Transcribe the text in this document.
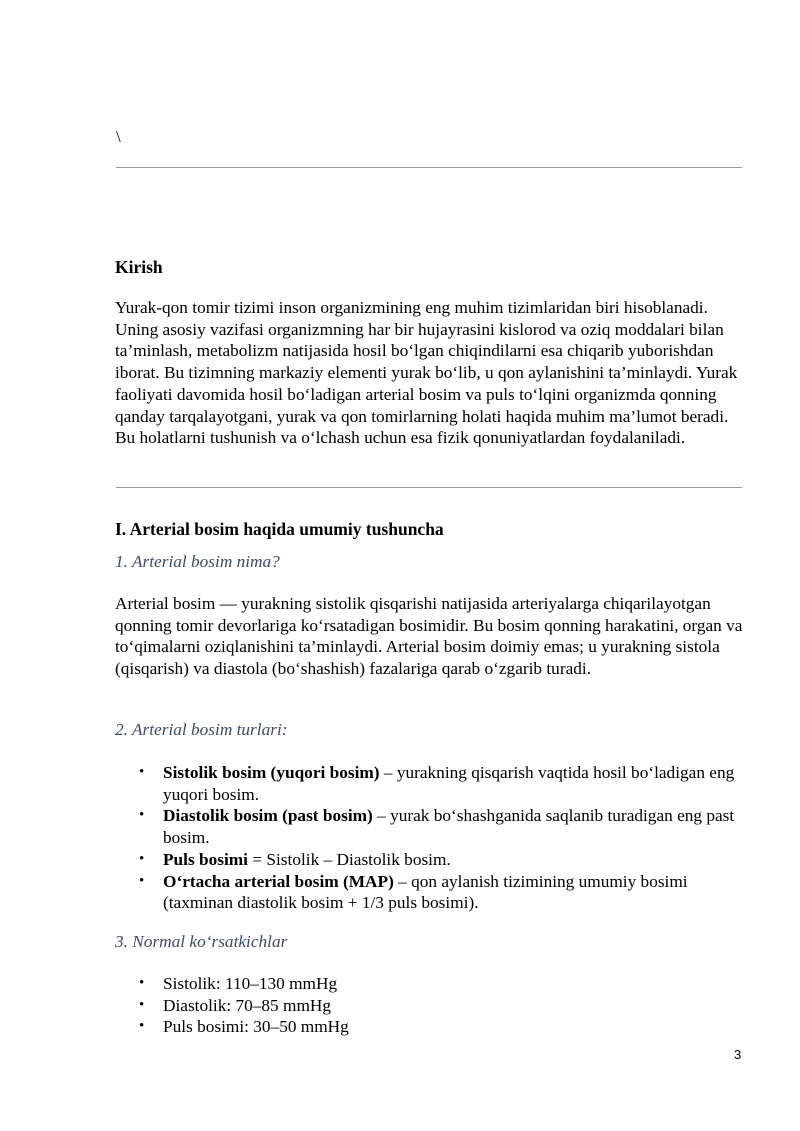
\
Kirish
Yurak-qon tomir tizimi inson organizmining eng muhim tizimlaridan biri hisoblanadi. Uning asosiy vazifasi organizmning har bir hujayrasini kislorod va oziq moddalari bilan ta’minlash, metabolizm natijasida hosil bo‘lgan chiqindilarni esa chiqarib yuborishdan iborat. Bu tizimning markaziy elementi yurak bo‘lib, u qon aylanishini ta’minlaydi. Yurak faoliyati davomida hosil bo‘ladigan arterial bosim va puls to‘lqini organizmda qonning qanday tarqalayotgani, yurak va qon tomirlarning holati haqida muhim ma’lumot beradi. Bu holatlarni tushunish va o‘lchash uchun esa fizik qonuniyatlardan foydalaniladi.
I. Arterial bosim haqida umumiy tushuncha
1. Arterial bosim nima?
Arterial bosim — yurakning sistolik qisqarishi natijasida arteriyalarga chiqarilayotgan qonning tomir devorlariga ko‘rsatadigan bosimidir. Bu bosim qonning harakatini, organ va to‘qimalarni oziqlanishini ta’minlaydi. Arterial bosim doimiy emas; u yurakning sistola (qisqarish) va diastola (bo‘shashish) fazalariga qarab o‘zgarib turadi.
2. Arterial bosim turlari:
• Sistolik bosim (yuqori bosim) – yurakning qisqarish vaqtida hosil bo‘ladigan eng yuqori bosim.
• Diastolik bosim (past bosim) – yurak bo‘shashganida saqlanib turadigan eng past bosim.
• Puls bosimi = Sistolik – Diastolik bosim.
• O‘rtacha arterial bosim (MAP) – qon aylanish tizimining umumiy bosimi (taxminan diastolik bosim + 1/3 puls bosimi).
3. Normal ko‘rsatkichlar
• Sistolik: 110–130 mmHg
• Diastolik: 70–85 mmHg
• Puls bosimi: 30–50 mmHg
3
